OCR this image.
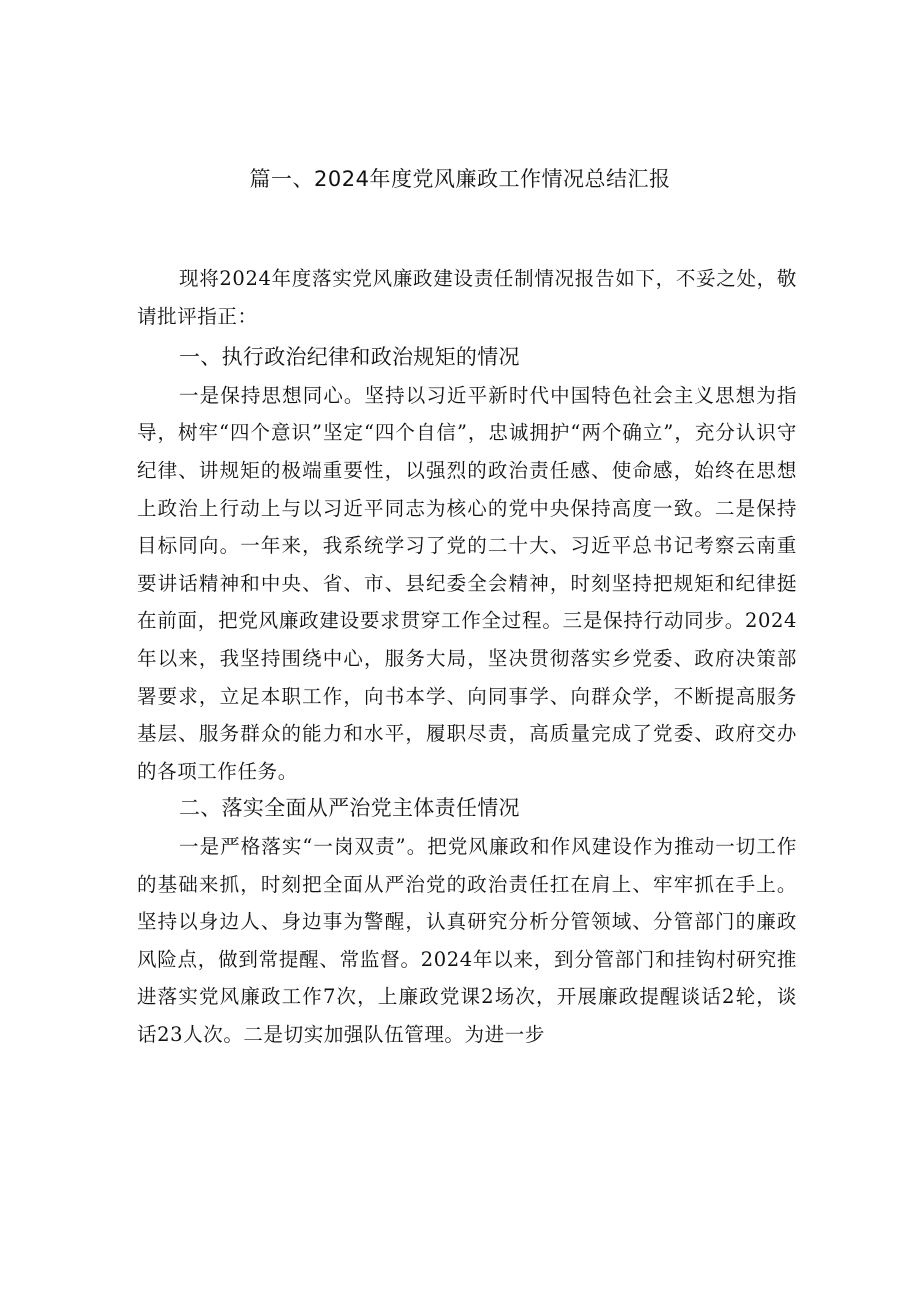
篇一、2024年度党风廉政工作情况总结汇报

现将2024年度落实党风廉政建设责任制情况报告如下，不妥之处，敬请批评指正：

一、执行政治纪律和政治规矩的情况

一是保持思想同心。坚持以习近平新时代中国特色社会主义思想为指导，树牢“四个意识”坚定“四个自信”，忠诚拥护“两个确立”，充分认识守纪律、讲规矩的极端重要性，以强烈的政治责任感、使命感，始终在思想上政治上行动上与以习近平同志为核心的党中央保持高度一致。二是保持目标同向。一年来，我系统学习了党的二十大、习近平总书记考察云南重要讲话精神和中央、省、市、县纪委全会精神，时刻坚持把规矩和纪律挺在前面，把党风廉政建设要求贯穿工作全过程。三是保持行动同步。2024年以来，我坚持围绕中心，服务大局，坚决贯彻落实乡党委、政府决策部署要求，立足本职工作，向书本学、向同事学、向群众学，不断提高服务基层、服务群众的能力和水平，履职尽责，高质量完成了党委、政府交办的各项工作任务。

二、落实全面从严治党主体责任情况

一是严格落实“一岗双责”。把党风廉政和作风建设作为推动一切工作的基础来抓，时刻把全面从严治党的政治责任扛在肩上、牢牢抓在手上。坚持以身边人、身边事为警醒，认真研究分析分管领域、分管部门的廉政风险点，做到常提醒、常监督。2024年以来，到分管部门和挂钩村研究推进落实党风廉政工作7次，上廉政党课2场次，开展廉政提醒谈话2轮，谈话23人次。二是切实加强队伍管理。为进一步
